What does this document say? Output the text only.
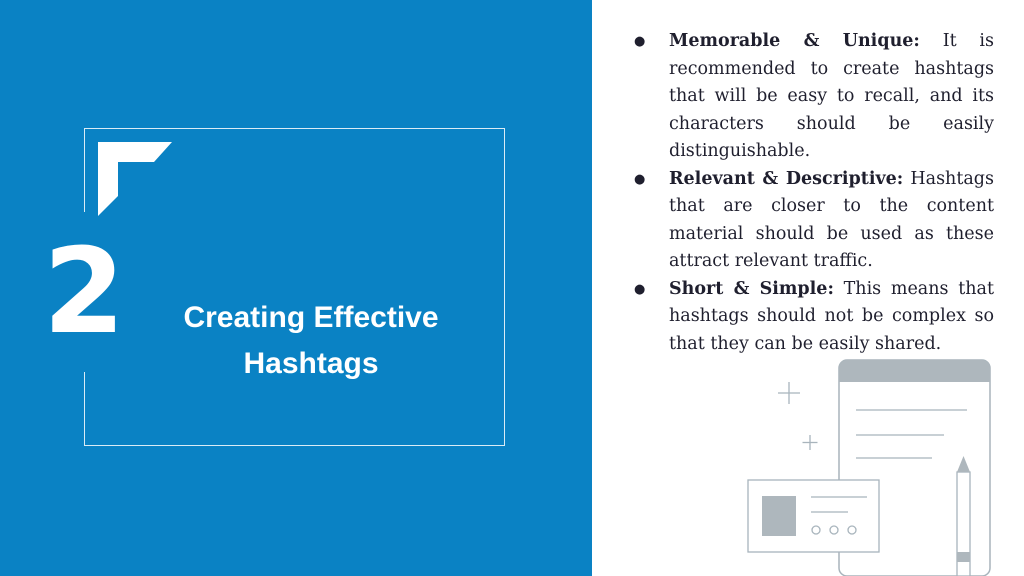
2	Creating Effective Hashtags
● Memorable & Unique: It is recommended to create hashtags that will be easy to recall, and its characters should be easily distinguishable.
● Relevant & Descriptive: Hashtags that are closer to the content material should be used as these attract relevant traffic.
● Short & Simple: This means that hashtags should not be complex so that they can be easily shared.
